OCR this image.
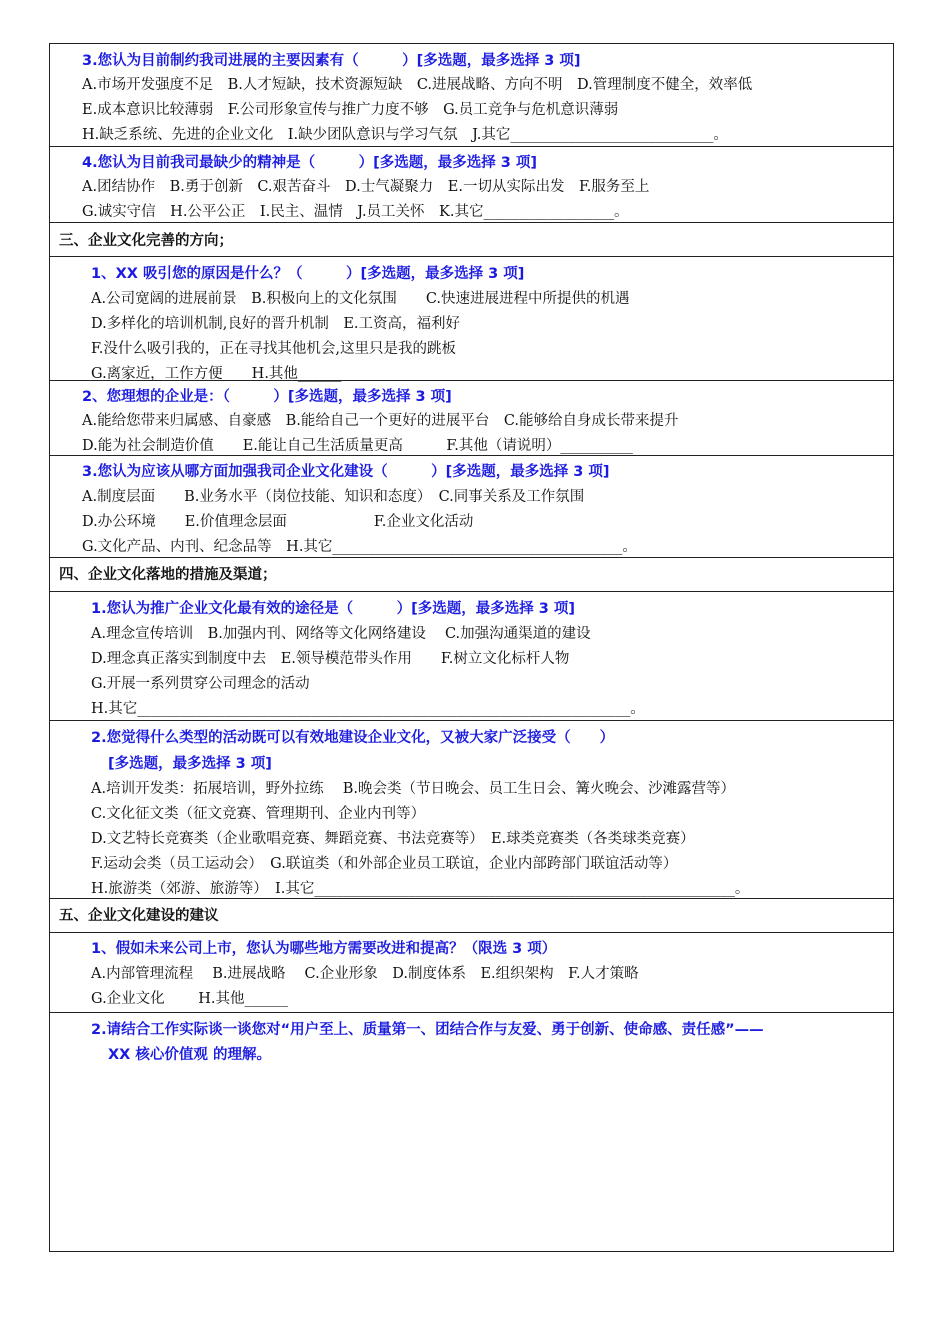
3.您认为目前制约我司进展的主要因素有（　　　）[多选题，最多选择 3 项]
A.市场开发强度不足　B.人才短缺，技术资源短缺　C.进展战略、方向不明　D.管理制度不健全，效率低
E.成本意识比较薄弱　F.公司形象宣传与推广力度不够　G.员工竞争与危机意识薄弱
H.缺乏系统、先进的企业文化　I.缺少团队意识与学习气氛　J.其它____________________________。
4.您认为目前我司最缺少的精神是（　　　）[多选题，最多选择 3 项]
A.团结协作　B.勇于创新　C.艰苦奋斗　D.士气凝聚力　E.一切从实际出发　F.服务至上
G.诚实守信　H.公平公正　I.民主、温情　J.员工关怀　K.其它__________________。
三、企业文化完善的方向；
1、XX 吸引您的原因是什么？（　　　）[多选题，最多选择 3 项]
A.公司宽阔的进展前景　B.积极向上的文化氛围　　C.快速进展进程中所提供的机遇
D.多样化的培训机制,良好的晋升机制　E.工资高，福利好
F.没什么吸引我的，正在寻找其他机会,这里只是我的跳板
G.离家近，工作方便　　H.其他______
2、您理想的企业是：（　　　）[多选题，最多选择 3 项]
A.能给您带来归属感、自豪感　B.能给自己一个更好的进展平台　C.能够给自身成长带来提升
D.能为社会制造价值　　E.能让自己生活质量更高　　　F.其他（请说明）__________
3.您认为应该从哪方面加强我司企业文化建设（　　　）[多选题，最多选择 3 项]
A.制度层面　　B.业务水平（岗位技能、知识和态度）　C.同事关系及工作氛围
D.办公环境　　E.价值理念层面　　　　　　F.企业文化活动
G.文化产品、内刊、纪念品等　H.其它________________________________________。
四、企业文化落地的措施及渠道；
1.您认为推广企业文化最有效的途径是（　　　）[多选题，最多选择 3 项]
A.理念宣传培训　B.加强内刊、网络等文化网络建设　 C.加强沟通渠道的建设
D.理念真正落实到制度中去　E.领导模范带头作用　　F.树立文化标杆人物
G.开展一系列贯穿公司理念的活动
H.其它____________________________________________________________________。
2.您觉得什么类型的活动既可以有效地建设企业文化，又被大家广泛接受（　　）
[多选题，最多选择 3 项]
A.培训开发类：拓展培训，野外拉练　 B.晚会类（节日晚会、员工生日会、篝火晚会、沙滩露营等）
C.文化征文类（征文竞赛、管理期刊、企业内刊等）
D.文艺特长竞赛类（企业歌唱竞赛、舞蹈竞赛、书法竞赛等）　E.球类竞赛类（各类球类竞赛）
F.运动会类（员工运动会）　G.联谊类（和外部企业员工联谊，企业内部跨部门联谊活动等）
H.旅游类（郊游、旅游等）　I.其它__________________________________________________________。
五、企业文化建设的建议
1、假如未来公司上市，您认为哪些地方需要改进和提高？（限选 3 项）
A.内部管理流程　 B.进展战略　 C.企业形象　D.制度体系　E.组织架构　F.人才策略
G.企业文化　　 H.其他______
2.请结合工作实际谈一谈您对“用户至上、质量第一、团结合作与友爱、勇于创新、使命感、责任感”——
XX 核心价值观 的理解。
